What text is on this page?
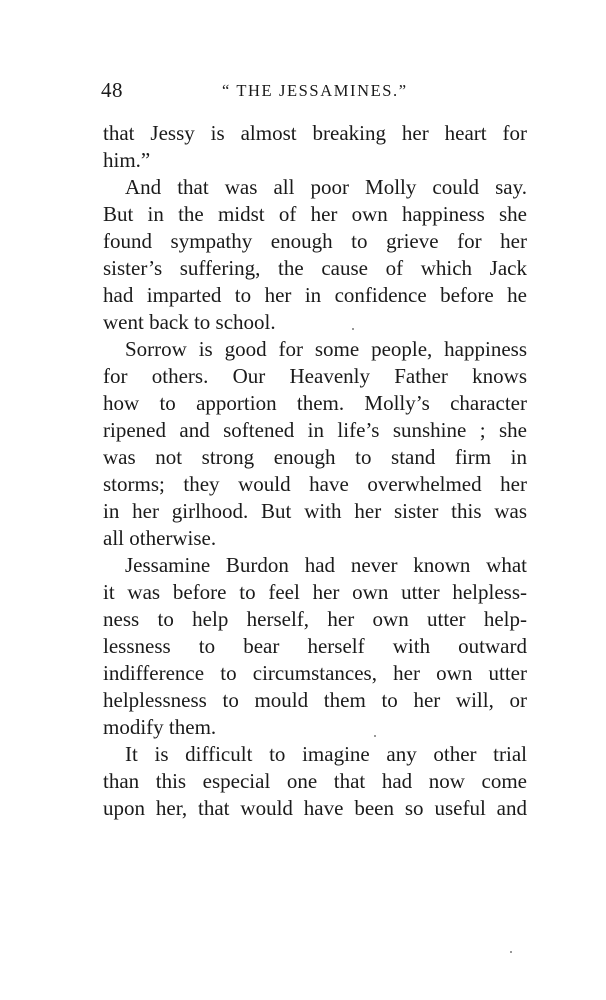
48	“ THE JESSAMINES.”
that Jessy is almost breaking her heart for
him.”
And that was all poor Molly could say.
But in the midst of her own happiness she
found sympathy enough to grieve for her
sister’s suffering, the cause of which Jack
had imparted to her in confidence before he
went back to school.
Sorrow is good for some people, happiness
for others. Our Heavenly Father knows
how to apportion them. Molly’s character
ripened and softened in life’s sunshine ; she
was not strong enough to stand firm in
storms; they would have overwhelmed her
in her girlhood. But with her sister this was
all otherwise.
Jessamine Burdon had never known what
it was before to feel her own utter helpless-
ness to help herself, her own utter help-
lessness to bear herself with outward
indifference to circumstances, her own utter
helplessness to mould them to her will, or
modify them.
It is difficult to imagine any other trial
than this especial one that had now come
upon her, that would have been so useful and
